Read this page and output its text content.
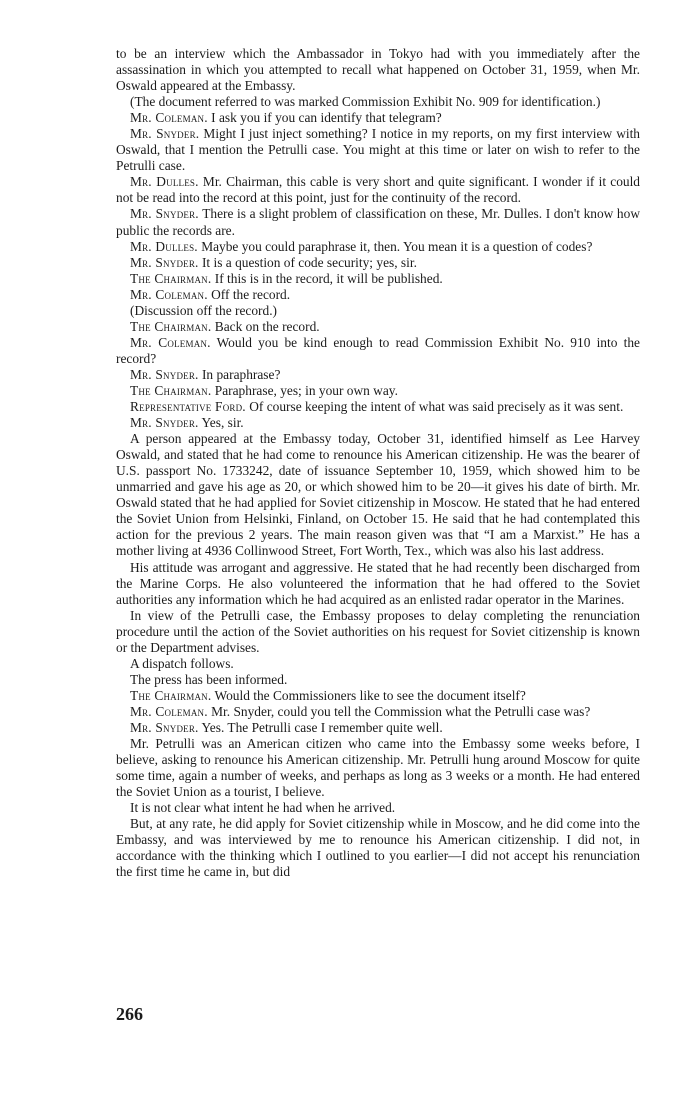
to be an interview which the Ambassador in Tokyo had with you immediately after the assassination in which you attempted to recall what happened on October 31, 1959, when Mr. Oswald appeared at the Embassy.

(The document referred to was marked Commission Exhibit No. 909 for identification.)

Mr. Coleman. I ask you if you can identify that telegram?

Mr. Snyder. Might I just inject something? I notice in my reports, on my first interview with Oswald, that I mention the Petrulli case. You might at this time or later on wish to refer to the Petrulli case.

Mr. Dulles. Mr. Chairman, this cable is very short and quite significant. I wonder if it could not be read into the record at this point, just for the continuity of the record.

Mr. Snyder. There is a slight problem of classification on these, Mr. Dulles. I don't know how public the records are.

Mr. Dulles. Maybe you could paraphrase it, then. You mean it is a question of codes?

Mr. Snyder. It is a question of code security; yes, sir.

The Chairman. If this is in the record, it will be published.

Mr. Coleman. Off the record.

(Discussion off the record.)

The Chairman. Back on the record.

Mr. Coleman. Would you be kind enough to read Commission Exhibit No. 910 into the record?

Mr. Snyder. In paraphrase?

The Chairman. Paraphrase, yes; in your own way.

Representative Ford. Of course keeping the intent of what was said precisely as it was sent.

Mr. Snyder. Yes, sir.

A person appeared at the Embassy today, October 31, identified himself as Lee Harvey Oswald, and stated that he had come to renounce his American citizenship. He was the bearer of U.S. passport No. 1733242, date of issuance September 10, 1959, which showed him to be unmarried and gave his age as 20, or which showed him to be 20—it gives his date of birth. Mr. Oswald stated that he had applied for Soviet citizenship in Moscow. He stated that he had entered the Soviet Union from Helsinki, Finland, on October 15. He said that he had contemplated this action for the previous 2 years. The main reason given was that “I am a Marxist.” He has a mother living at 4936 Collinwood Street, Fort Worth, Tex., which was also his last address.

His attitude was arrogant and aggressive. He stated that he had recently been discharged from the Marine Corps. He also volunteered the information that he had offered to the Soviet authorities any information which he had acquired as an enlisted radar operator in the Marines.

In view of the Petrulli case, the Embassy proposes to delay completing the renunciation procedure until the action of the Soviet authorities on his request for Soviet citizenship is known or the Department advises.

A dispatch follows.

The press has been informed.

The Chairman. Would the Commissioners like to see the document itself?

Mr. Coleman. Mr. Snyder, could you tell the Commission what the Petrulli case was?

Mr. Snyder. Yes. The Petrulli case I remember quite well.

Mr. Petrulli was an American citizen who came into the Embassy some weeks before, I believe, asking to renounce his American citizenship. Mr. Petrulli hung around Moscow for quite some time, again a number of weeks, and perhaps as long as 3 weeks or a month. He had entered the Soviet Union as a tourist, I believe.

It is not clear what intent he had when he arrived.

But, at any rate, he did apply for Soviet citizenship while in Moscow, and he did come into the Embassy, and was interviewed by me to renounce his American citizenship. I did not, in accordance with the thinking which I outlined to you earlier—I did not accept his renunciation the first time he came in, but did

266
